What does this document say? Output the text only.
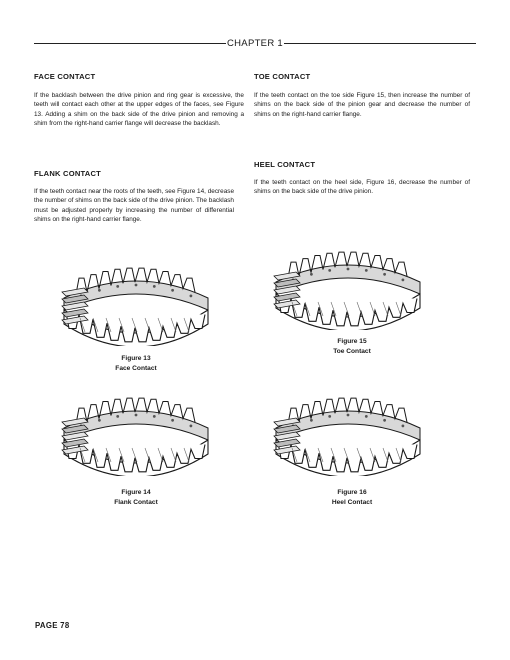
CHAPTER 1
FACE CONTACT
If the backlash between the drive pinion and ring gear is excessive, the teeth will contact each other at the upper edges of the faces, see Figure 13. Adding a shim on the back side of the drive pinion and removing a shim from the right-hand carrier flange will decrease the backlash.
FLANK CONTACT
If the teeth contact near the roots of the teeth, see Figure 14, decrease the number of shims on the back side of the drive pinion. The backlash must be adjusted properly by increasing the number of differential shims on the right-hand carrier flange.
TOE CONTACT
If the teeth contact on the toe side Figure 15, then increase the number of shims on the back side of the pinion gear and decrease the number of shims on the right-hand carrier flange.
HEEL CONTACT
If the teeth contact on the heel side, Figure 16, decrease the number of shims on the back side of the drive pinion.
Figure 13
Face Contact
Figure 15
Toe Contact
Figure 14
Flank Contact
Figure 16
Heel Contact
PAGE 78
